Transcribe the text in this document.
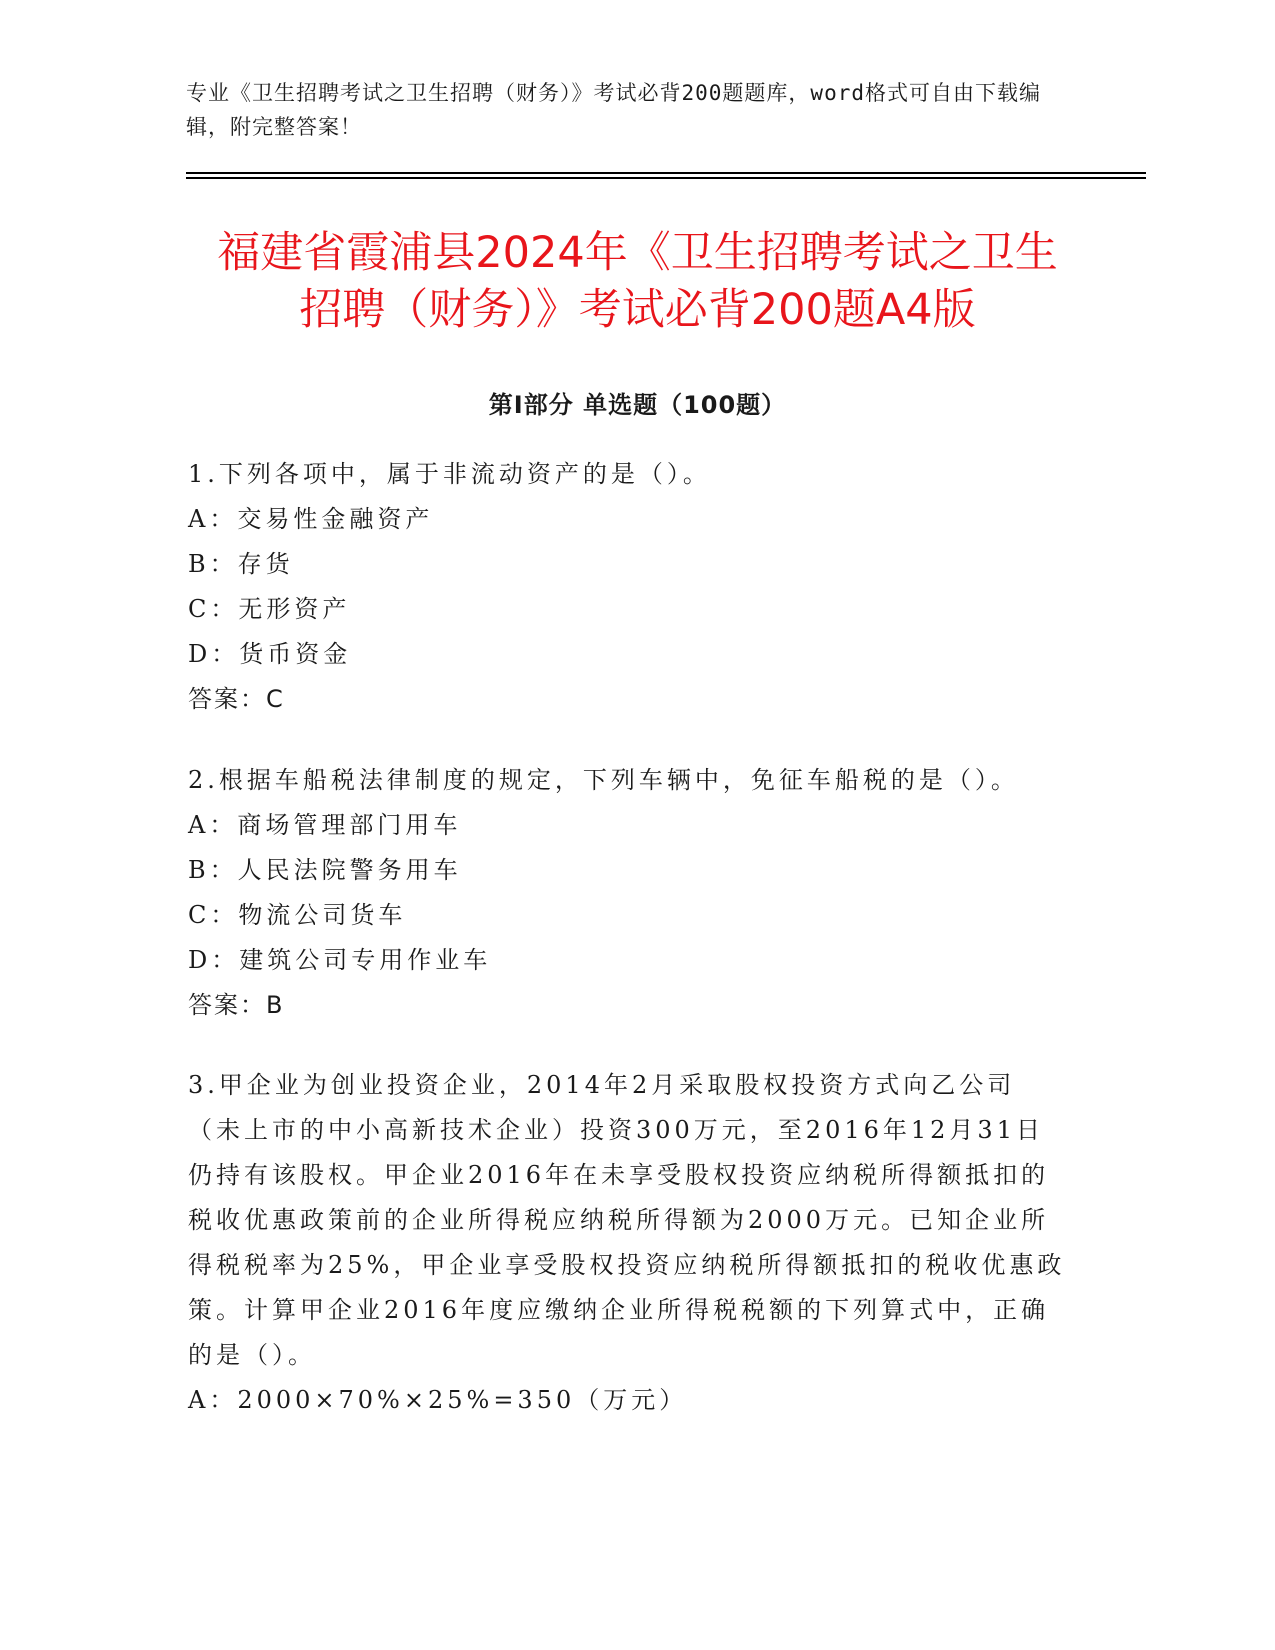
专业《卫生招聘考试之卫生招聘（财务）》考试必背200题题库，word格式可自由下载编辑，附完整答案！
福建省霞浦县2024年《卫生招聘考试之卫生
招聘（财务）》考试必背200题A4版
第Ⅰ部分 单选题（100题）

1.下列各项中，属于非流动资产的是（）。

A：交易性金融资产

B：存货

C：无形资产

D：货币资金

答案：C

2.根据车船税法律制度的规定，下列车辆中，免征车船税的是（）。

A：商场管理部门用车

B：人民法院警务用车

C：物流公司货车

D：建筑公司专用作业车

答案：B

3.甲企业为创业投资企业，2014年2月采取股权投资方式向乙公司（未上市的中小高新技术企业）投资300万元，至2016年12月31日仍持有该股权。甲企业2016年在未享受股权投资应纳税所得额抵扣的税收优惠政策前的企业所得税应纳税所得额为2000万元。已知企业所得税税率为25%，甲企业享受股权投资应纳税所得额抵扣的税收优惠政策。计算甲企业2016年度应缴纳企业所得税税额的下列算式中，正确的是（）。

A：2000×70%×25%=350（万元）
